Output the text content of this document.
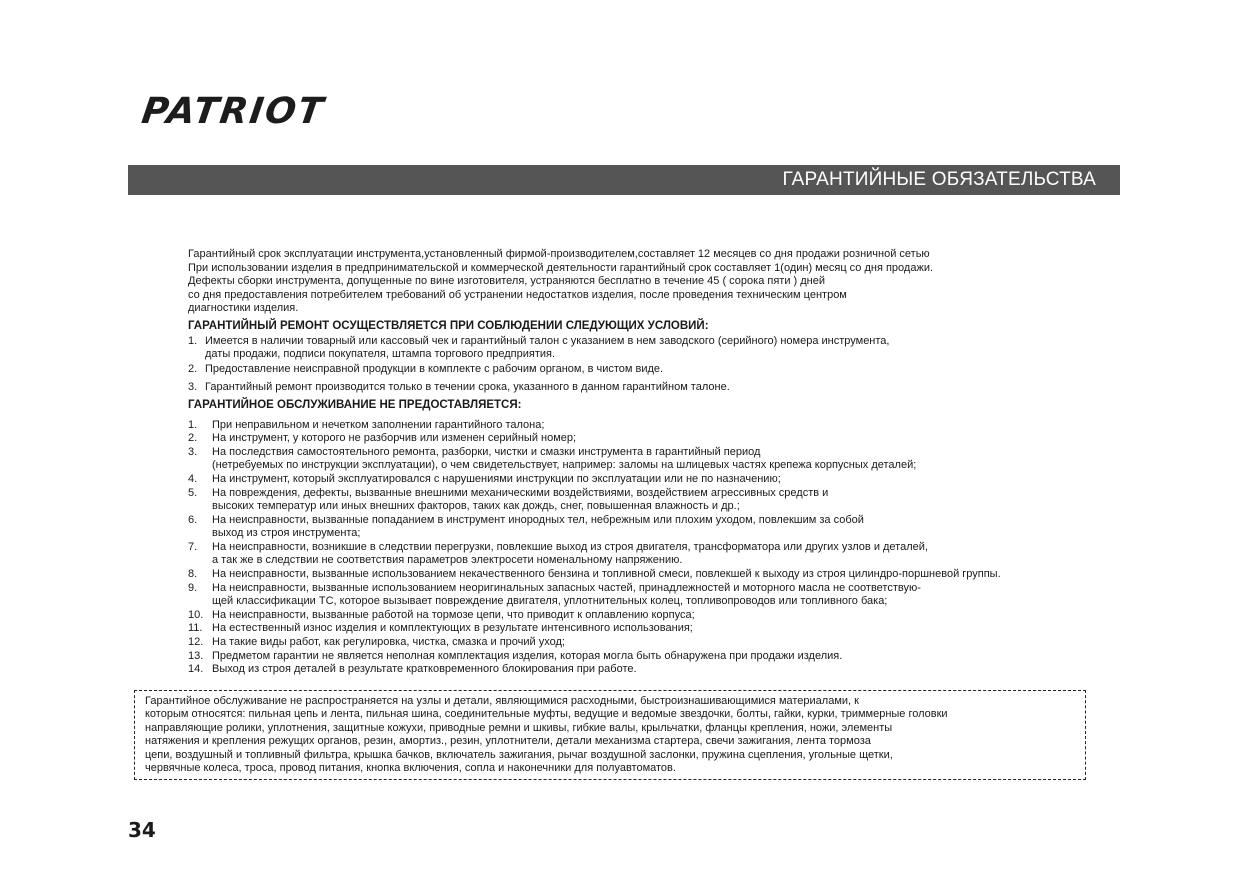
PATRIOT
ГАРАНТИЙНЫЕ ОБЯЗАТЕЛЬСТВА

Гарантийный срок эксплуатации инструмента,установленный фирмой-производителем,составляет 12 месяцев со дня продажи розничной сетью

При использовании изделия в предпринимательской и коммерческой деятельности гарантийный срок составляет 1(один) месяц со дня продажи.

Дефекты сборки инструмента, допущенные по вине изготовителя, устраняются бесплатно в течение 45 ( сорока пяти ) дней

со дня предоставления потребителем требований об устранении недостатков изделия, после проведения техническим центром

диагностики изделия.

ГАРАНТИЙНЫЙ РЕМОНТ ОСУЩЕСТВЛЯЕТСЯ ПРИ СОБЛЮДЕНИИ СЛЕДУЮЩИХ УСЛОВИЙ:

1. Имеется в наличии товарный или кассовый чек и гарантийный талон с указанием в нем заводского (серийного) номера инструмента,
даты продажи, подписи покупателя, штампа торгового предприятия.
2. Предоставление неисправной продукции в комплекте с рабочим органом, в чистом виде.
3. Гарантийный ремонт производится только в течении срока, указанного в данном гарантийном талоне.

ГАРАНТИЙНОЕ ОБСЛУЖИВАНИЕ НЕ ПРЕДОСТАВЛЯЕТСЯ:

1. При неправильном и нечетком заполнении гарантийного талона;
2. На инструмент, у которого не разборчив или изменен серийный номер;
3. На последствия самостоятельного ремонта, разборки, чистки и смазки инструмента в гарантийный период
(нетребуемых по инструкции эксплуатации), о чем свидетельствует, например: заломы на шлицевых частях крепежа корпусных деталей;
4. На инструмент, который эксплуатировался с нарушениями инструкции по эксплуатации или не по назначению;
5. На повреждения, дефекты, вызванные внешними механическими воздействиями, воздействием агрессивных средств и
высоких температур или иных внешних факторов, таких как дождь, снег, повышенная влажность и др.;
6. На неисправности, вызванные попаданием в инструмент инородных тел, небрежным или плохим уходом, повлекшим за собой
выход из строя инструмента;
7. На неисправности, возникшие в следствии перегрузки, повлекшие выход из строя двигателя, трансформатора или других узлов и деталей,
а так же в следствии не соответствия параметров электросети номенальному напряжению.
8. На неисправности, вызванные использованием некачественного бензина и топливной смеси, повлекшей к выходу из строя цилиндро-поршневой группы.
9. На неисправности, вызванные использованием неоригинальных запасных частей, принадлежностей и моторного масла не соответствую-
щей классификации ТС, которое вызывает повреждение двигателя, уплотнительных колец, топливопроводов или топливного бака;
10. На неисправности, вызванные работой на тормозе цепи, что приводит к оплавлению корпуса;
11. На естественный износ изделия и комплектующих в результате интенсивного использования;
12. На такие виды работ, как регулировка, чистка, смазка и прочий уход;
13. Предметом гарантии не является неполная комплектация изделия, которая могла быть обнаружена при продажи изделия.
14. Выход из строя деталей в результате кратковременного блокирования при работе.
Гарантийное обслуживание не распространяется на узлы и детали, являющимися расходными, быстроизнашивающимися материалами, к
которым относятся: пильная цепь и лента, пильная шина, соединительные муфты, ведущие и ведомые звездочки, болты, гайки, курки, триммерные головки
направляющие ролики, уплотнения, защитные кожухи, приводные ремни и шкивы, гибкие валы, крыльчатки, фланцы крепления, ножи, элементы
натяжения и крепления режущих органов, резин, амортиз., резин, уплотнители, детали механизма стартера, свечи зажигания, лента тормоза
цепи, воздушный и топливный фильтра, крышка бачков, включатель зажигания, рычаг воздушной заслонки, пружина сцепления, угольные щетки,
червячные колеса, троса, провод питания, кнопка включения, сопла и наконечники для полуавтоматов.
34
